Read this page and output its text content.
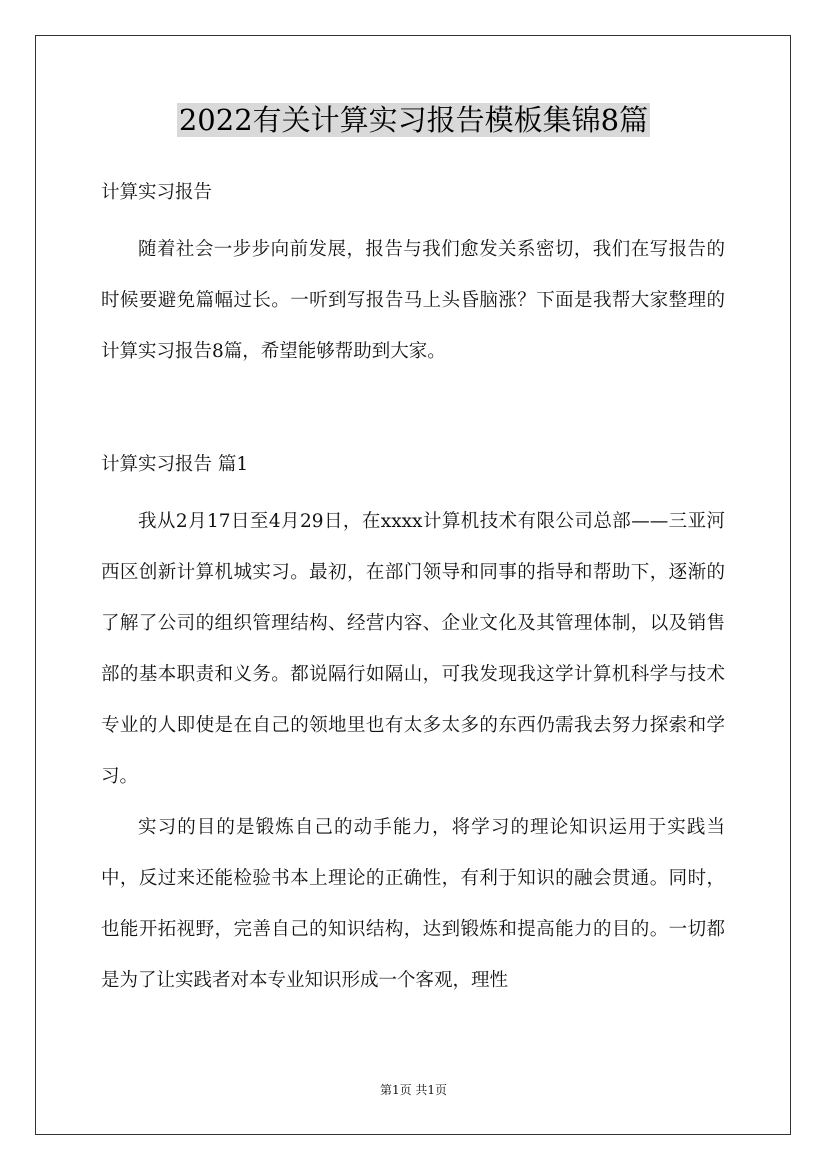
2022有关计算实习报告模板集锦8篇
计算实习报告
随着社会一步步向前发展，报告与我们愈发关系密切，我们在写报告的时候要避免篇幅过长。一听到写报告马上头昏脑涨？下面是我帮大家整理的计算实习报告8篇，希望能够帮助到大家。
计算实习报告 篇1
我从2月17日至4月29日，在xxxx计算机技术有限公司总部——三亚河西区创新计算机城实习。最初，在部门领导和同事的指导和帮助下，逐渐的了解了公司的组织管理结构、经营内容、企业文化及其管理体制，以及销售部的基本职责和义务。都说隔行如隔山，可我发现我这学计算机科学与技术专业的人即使是在自己的领地里也有太多太多的东西仍需我去努力探索和学习。
实习的目的是锻炼自己的动手能力，将学习的理论知识运用于实践当中，反过来还能检验书本上理论的正确性，有利于知识的融会贯通。同时，也能开拓视野，完善自己的知识结构，达到锻炼和提高能力的目的。一切都是为了让实践者对本专业知识形成一个客观，理性
第1页 共1页
